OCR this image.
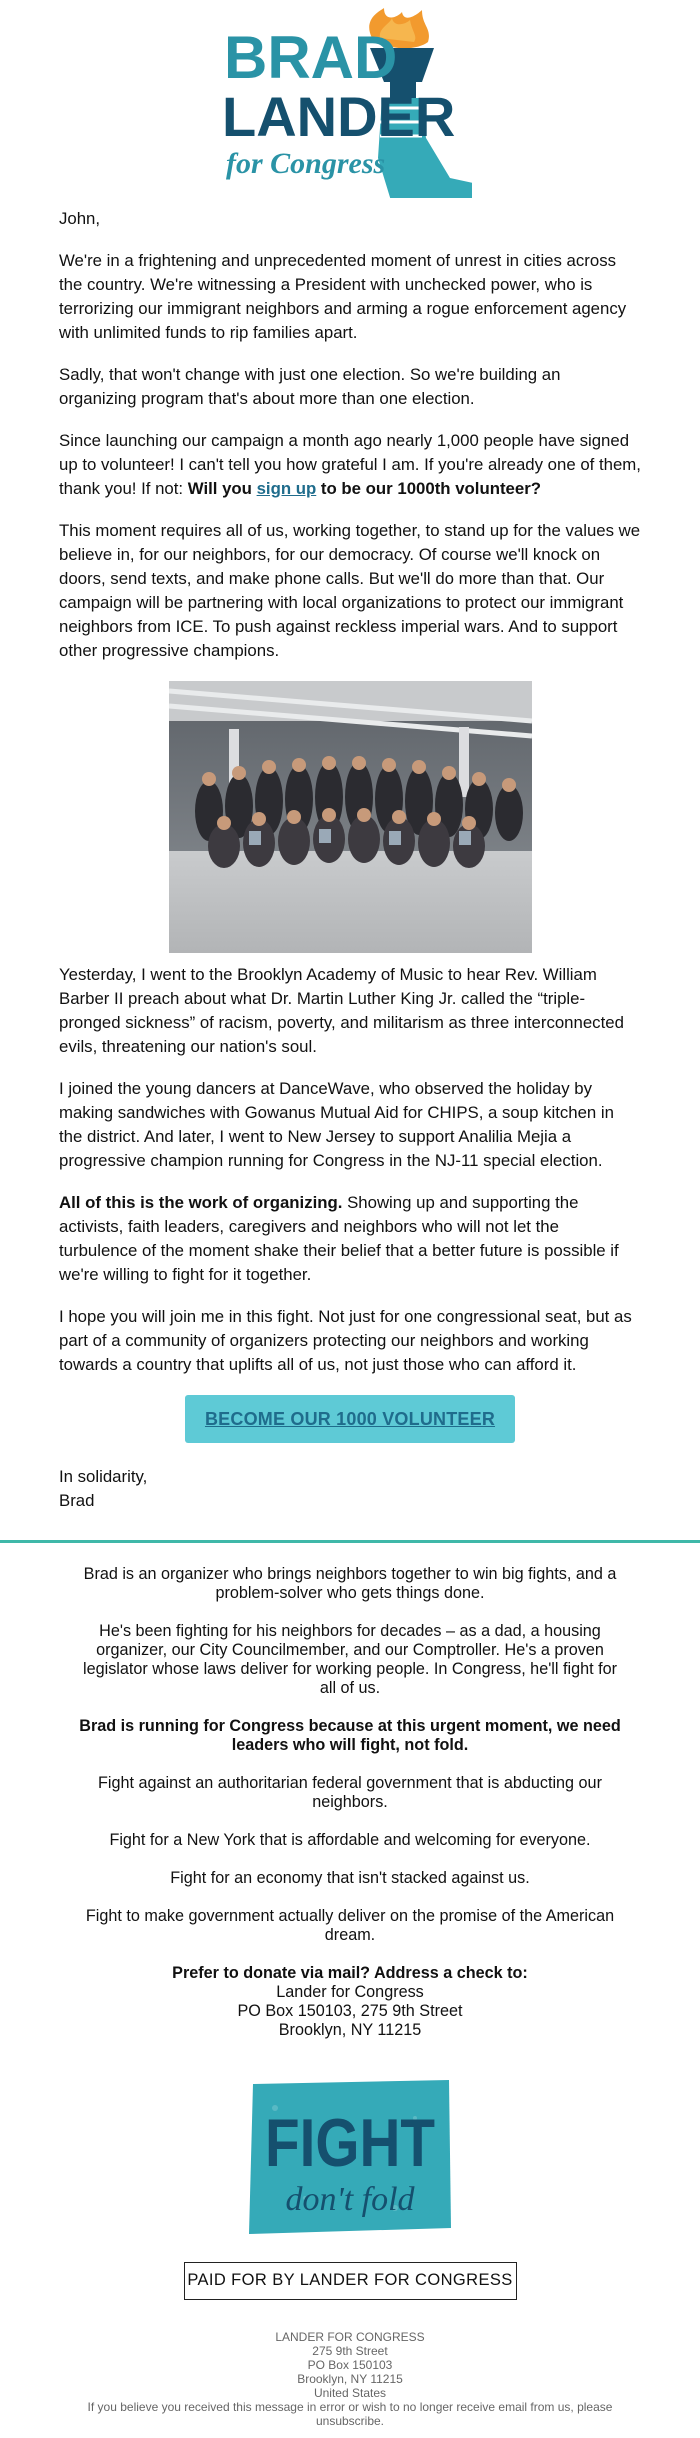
BRAD
LANDER
for Congress

John,

We're in a frightening and unprecedented moment of unrest in cities across the country. We're witnessing a President with unchecked power, who is terrorizing our immigrant neighbors and arming a rogue enforcement agency with unlimited funds to rip families apart.

Sadly, that won't change with just one election. So we're building an organizing program that's about more than one election.

Since launching our campaign a month ago nearly 1,000 people have signed up to volunteer! I can't tell you how grateful I am. If you're already one of them, thank you! If not: Will you sign up to be our 1000th volunteer?

This moment requires all of us, working together, to stand up for the values we believe in, for our neighbors, for our democracy. Of course we'll knock on doors, send texts, and make phone calls. But we'll do more than that. Our campaign will be partnering with local organizations to protect our immigrant neighbors from ICE. To push against reckless imperial wars. And to support other progressive champions.

Yesterday, I went to the Brooklyn Academy of Music to hear Rev. William Barber II preach about what Dr. Martin Luther King Jr. called the “triple-pronged sickness” of racism, poverty, and militarism as three interconnected evils, threatening our nation's soul.

I joined the young dancers at DanceWave, who observed the holiday by making sandwiches with Gowanus Mutual Aid for CHIPS, a soup kitchen in the district. And later, I went to New Jersey to support Analilia Mejia a progressive champion running for Congress in the NJ-11 special election.

All of this is the work of organizing. Showing up and supporting the activists, faith leaders, caregivers and neighbors who will not let the turbulence of the moment shake their belief that a better future is possible if we're willing to fight for it together.

I hope you will join me in this fight. Not just for one congressional seat, but as part of a community of organizers protecting our neighbors and working towards a country that uplifts all of us, not just those who can afford it.

BECOME OUR 1000 VOLUNTEER

In solidarity,

Brad

Brad is an organizer who brings neighbors together to win big fights, and a problem-solver who gets things done.

He's been fighting for his neighbors for decades – as a dad, a housing organizer, our City Councilmember, and our Comptroller. He's a proven legislator whose laws deliver for working people. In Congress, he'll fight for all of us.

Brad is running for Congress because at this urgent moment, we need leaders who will fight, not fold.

Fight against an authoritarian federal government that is abducting our neighbors.

Fight for a New York that is affordable and welcoming for everyone.

Fight for an economy that isn't stacked against us.

Fight to make government actually deliver on the promise of the American dream.

Prefer to donate via mail? Address a check to:

Lander for Congress

PO Box 150103, 275 9th Street

Brooklyn, NY 11215

FIGHT
don't fold
PAID FOR BY LANDER FOR CONGRESS
LANDER FOR CONGRESS
275 9th Street
PO Box 150103
Brooklyn, NY 11215
United States
If you believe you received this message in error or wish to no longer receive email from us, please unsubscribe.
